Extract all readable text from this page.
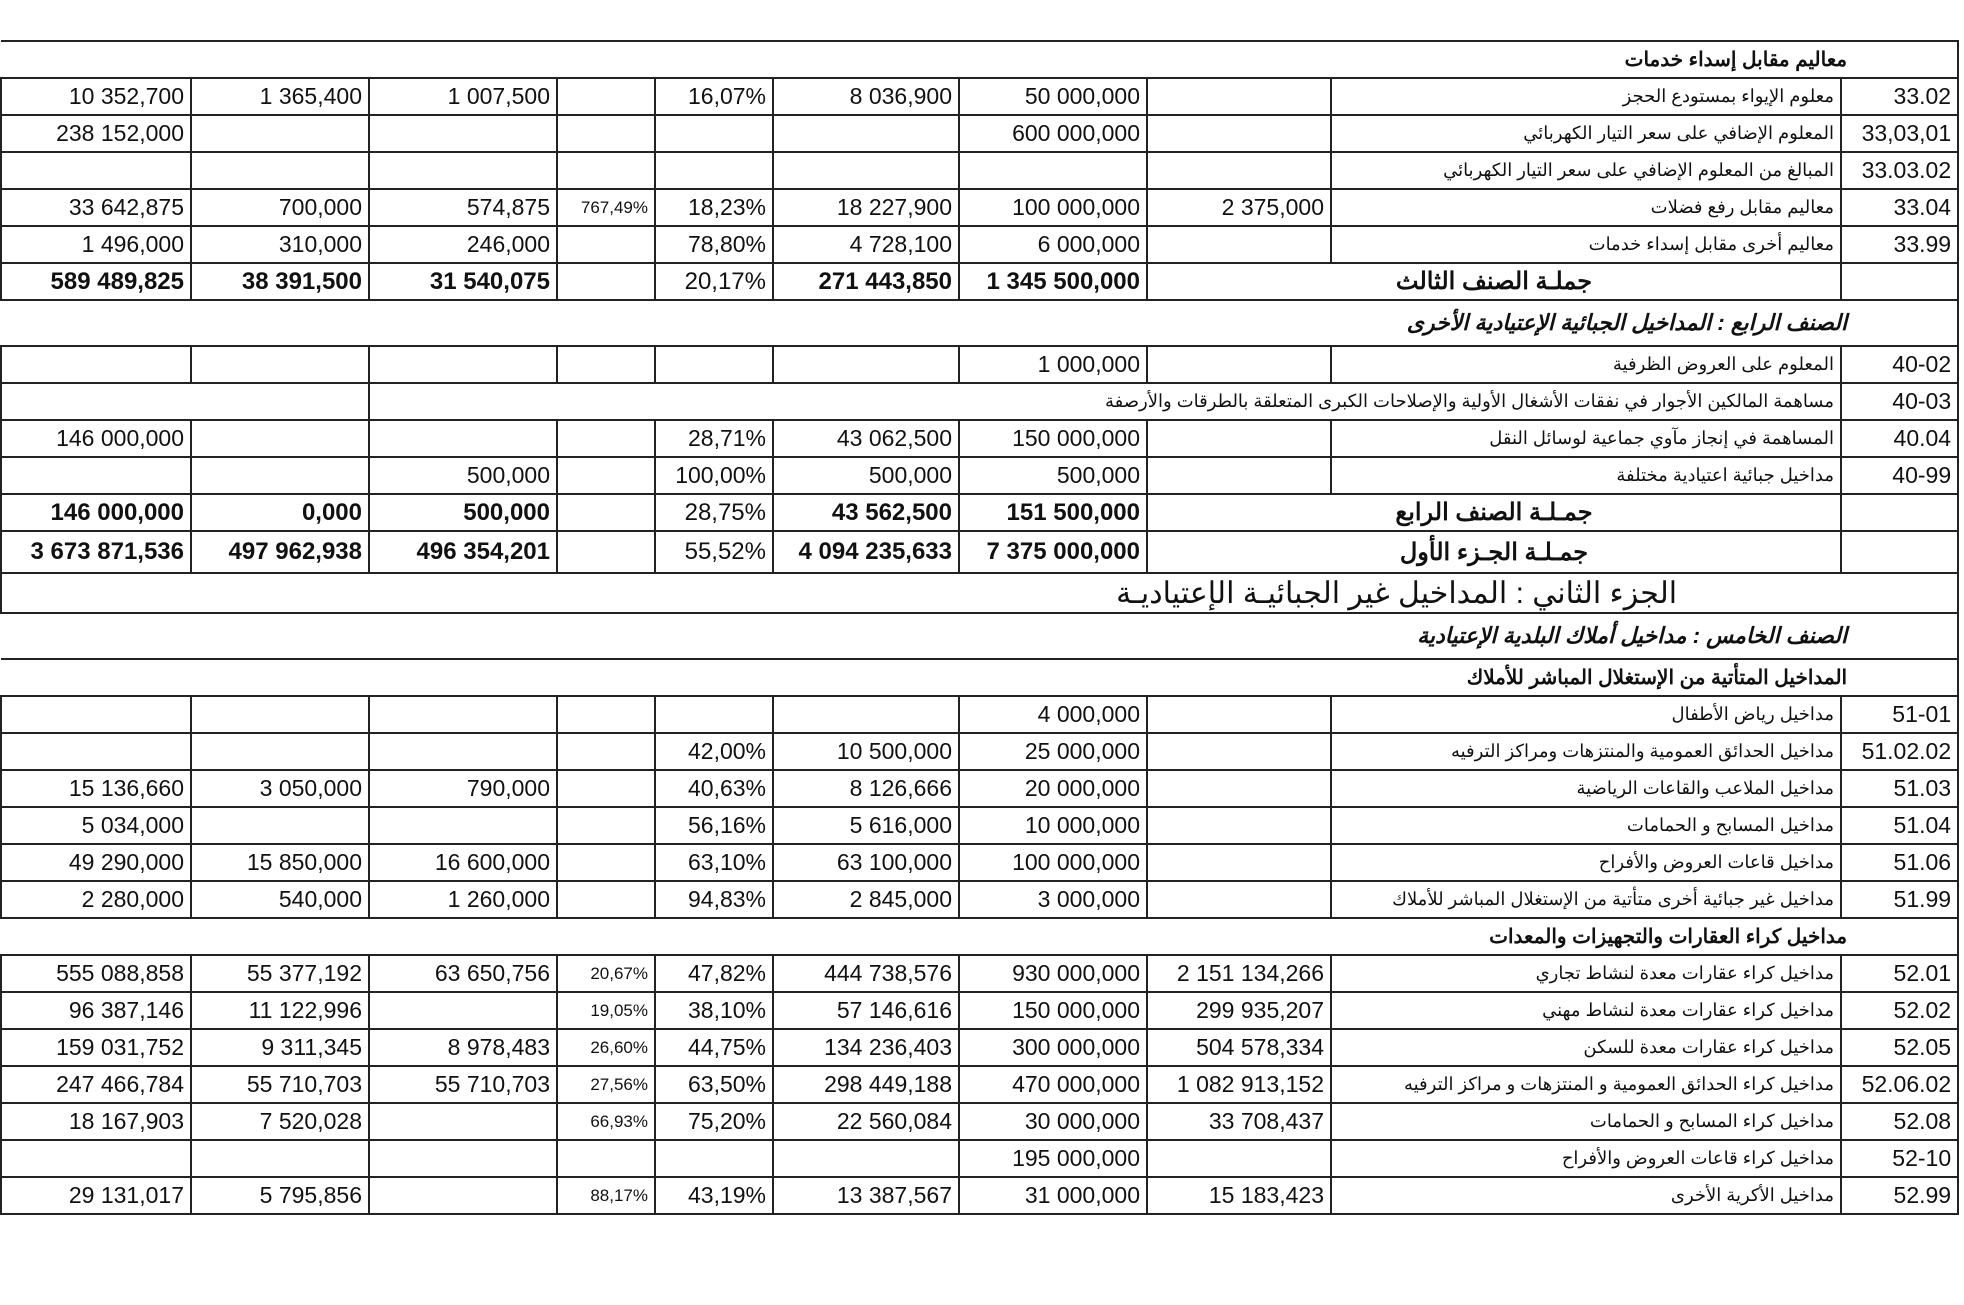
معاليم مقابل إسداء خدمات									
10 352,700	1 365,400	1 007,500		16,07%	8 036,900	50 000,000		معلوم الإيواء بمستودع الحجز	33.02
238 152,000						600 000,000		المعلوم الإضافي على سعر التيار الكهربائي	33,03,01
								المبالغ من المعلوم الإضافي على سعر التيار الكهربائي	33.03.02
33 642,875	700,000	574,875	767,49%	18,23%	18 227,900	100 000,000	2 375,000	معاليم مقابل رفع فضلات	33.04
1 496,000	310,000	246,000		78,80%	4 728,100	6 000,000		معاليم أخرى مقابل إسداء خدمات	33.99
589 489,825	38 391,500	31 540,075		20,17%	271 443,850	1 345 500,000	جملـة الصنف الثالث		
الصنف الرابع : المداخيل الجبائية الإعتيادية الأخرى									
						1 000,000		المعلوم على العروض الظرفية	40-02
		مساهمة المالكين الأجوار في نفقات الأشغال الأولية والإصلاحات الكبرى المتعلقة بالطرقات والأرصفة							40-03
146 000,000				28,71%	43 062,500	150 000,000		المساهمة في إنجاز مآوي جماعية لوسائل النقل	40.04
		500,000		100,00%	500,000	500,000		مداخيل جبائية اعتيادية مختلفة	40-99
146 000,000	0,000	500,000		28,75%	43 562,500	151 500,000	جمـلـة الصنف الرابع		
3 673 871,536	497 962,938	496 354,201		55,52%	4 094 235,633	7 375 000,000	جمـلـة الجـزء الأول		
الجزء الثاني : المداخيل غير الجبائيـة الإعتياديـة									
الصنف الخامس : مداخيل أملاك البلدية الإعتيادية									
المداخيل المتأتية من الإستغلال المباشر للأملاك									
						4 000,000		مداخيل رياض الأطفال	51-01
				42,00%	10 500,000	25 000,000		مداخيل الحدائق العمومية والمنتزهات ومراكز الترفيه	51.02.02
15 136,660	3 050,000	790,000		40,63%	8 126,666	20 000,000		مداخيل الملاعب والقاعات الرياضية	51.03
5 034,000				56,16%	5 616,000	10 000,000		مداخيل المسابح و الحمامات	51.04
49 290,000	15 850,000	16 600,000		63,10%	63 100,000	100 000,000		مداخيل قاعات العروض والأفراح	51.06
2 280,000	540,000	1 260,000		94,83%	2 845,000	3 000,000		مداخيل غير جبائية أخرى متأتية من الإستغلال المباشر للأملاك	51.99
مداخيل كراء العقارات والتجهيزات والمعدات									
555 088,858	55 377,192	63 650,756	20,67%	47,82%	444 738,576	930 000,000	2 151 134,266	مداخيل كراء عقارات معدة لنشاط تجاري	52.01
96 387,146	11 122,996		19,05%	38,10%	57 146,616	150 000,000	299 935,207	مداخيل كراء عقارات معدة لنشاط مهني	52.02
159 031,752	9 311,345	8 978,483	26,60%	44,75%	134 236,403	300 000,000	504 578,334	مداخيل كراء عقارات معدة للسكن	52.05
247 466,784	55 710,703	55 710,703	27,56%	63,50%	298 449,188	470 000,000	1 082 913,152	مداخيل كراء الحدائق العمومية و المنتزهات و مراكز الترفيه	52.06.02
18 167,903	7 520,028		66,93%	75,20%	22 560,084	30 000,000	33 708,437	مداخيل كراء المسابح و الحمامات	52.08
						195 000,000		مداخيل كراء قاعات العروض والأفراح	52-10
29 131,017	5 795,856		88,17%	43,19%	13 387,567	31 000,000	15 183,423	مداخيل الأكرية الأخرى	52.99
